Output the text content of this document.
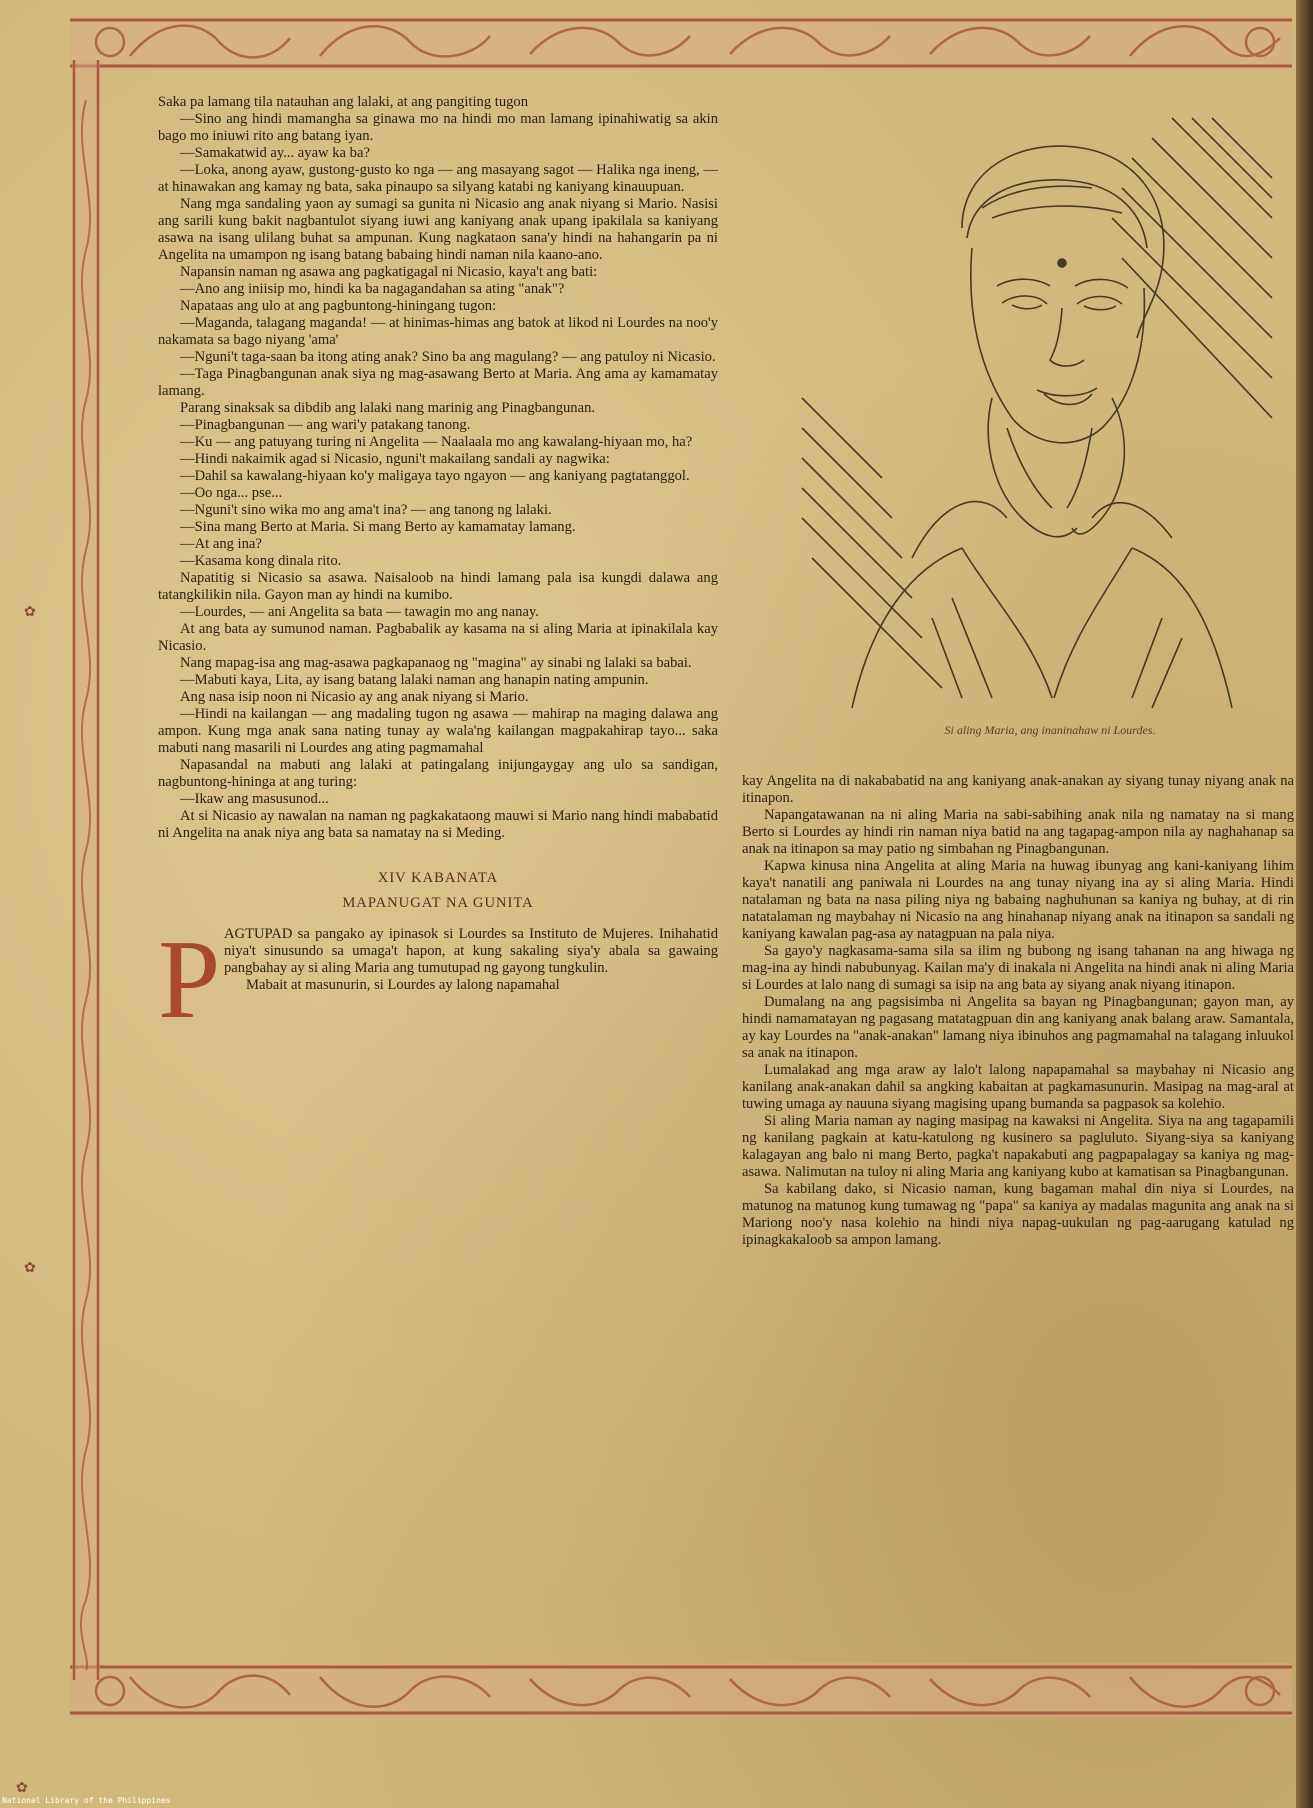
✿
✿
✿

Saka pa lamang tila natauhan ang lalaki, at ang pangiting tugon

—Sino ang hindi mamangha sa ginawa mo na hindi mo man lamang ipinahiwatig sa akin bago mo iniuwi rito ang batang iyan.

—Samakatwid ay... ayaw ka ba?

—Loka, anong ayaw, gustong-gusto ko nga — ang masayang sagot — Halika nga ineng, — at hinawakan ang kamay ng bata, saka pinaupo sa silyang katabi ng kaniyang kinauupuan.

Nang mga sandaling yaon ay sumagi sa gunita ni Nicasio ang anak niyang si Mario. Nasisi ang sarili kung bakit nagbantulot siyang iuwi ang kaniyang anak upang ipakilala sa kaniyang asawa na isang ulilang buhat sa ampunan. Kung nagkataon sana'y hindi na hahangarin pa ni Angelita na umampon ng isang batang babaing hindi naman nila kaano-ano.

Napansin naman ng asawa ang pagkatigagal ni Nicasio, kaya't ang bati:

—Ano ang iniisip mo, hindi ka ba nagagandahan sa ating "anak"?

Napataas ang ulo at ang pagbuntong-hiningang tugon:

—Maganda, talagang maganda! — at hinimas-himas ang batok at likod ni Lourdes na noo'y nakamata sa bago niyang 'ama'

—Nguni't taga-saan ba itong ating anak? Sino ba ang magulang? — ang patuloy ni Nicasio.

—Taga Pinagbangunan anak siya ng mag-asawang Berto at Maria. Ang ama ay kamamatay lamang.

Parang sinaksak sa dibdib ang lalaki nang marinig ang Pinagbangunan.

—Pinagbangunan — ang wari'y patakang tanong.

—Ku — ang patuyang turing ni Angelita — Naalaala mo ang kawalang-hiyaan mo, ha?

—Hindi nakaimik agad si Nicasio, nguni't makailang sandali ay nagwika:

—Dahil sa kawalang-hiyaan ko'y maligaya tayo ngayon — ang kaniyang pagtatanggol.

—Oo nga... pse...

—Nguni't sino wika mo ang ama't ina? — ang tanong ng lalaki.

—Sina mang Berto at Maria. Si mang Berto ay kamamatay lamang.

—At ang ina?

—Kasama kong dinala rito.

Napatitig si Nicasio sa asawa. Naisaloob na hindi lamang pala isa kungdi dalawa ang tatangkilikin nila. Gayon man ay hindi na kumibo.

—Lourdes, — ani Angelita sa bata — tawagin mo ang nanay.

At ang bata ay sumunod naman. Pagbabalik ay kasama na si aling Maria at ipinakilala kay Nicasio.

Nang mapag-isa ang mag-asawa pagkapanaog ng "magina" ay sinabi ng lalaki sa babai.

—Mabuti kaya, Lita, ay isang batang lalaki naman ang hanapin nating ampunin.

Ang nasa isip noon ni Nicasio ay ang anak niyang si Mario.

—Hindi na kailangan — ang madaling tugon ng asawa — mahirap na maging dalawa ang ampon. Kung mga anak sana nating tunay ay wala'ng kailangan magpakahirap tayo... saka mabuti nang masarili ni Lourdes ang ating pagmamahal

Napasandal na mabuti ang lalaki at patingalang inijungaygay ang ulo sa sandigan, nagbuntong-hininga at ang turing:

—Ikaw ang masusunod...

At si Nicasio ay nawalan na naman ng pagkakataong mauwi si Mario nang hindi mababatid ni Angelita na anak niya ang bata sa namatay na si Meding.

XIV KABANATA
MAPANUGAT NA GUNITA
P AGTUPAD sa pangako ay ipinasok si Lourdes sa Instituto de Mujeres. Inihahatid niya't sinusundo sa umaga't hapon, at kung sakaling siya'y abala sa gawaing pangbahay ay si aling Maria ang tumutupad ng gayong tungkulin.

Mabait at masunurin, si Lourdes ay lalong napamahal

Si aling Maria, ang inaninahaw ni Lourdes.

kay Angelita na di nakababatid na ang kaniyang anak-anakan ay siyang tunay niyang anak na itinapon.

Napangatawanan na ni aling Maria na sabi-sabihing anak nila ng namatay na si mang Berto si Lourdes ay hindi rin naman niya batid na ang tagapag-ampon nila ay naghahanap sa anak na itinapon sa may patio ng simbahan ng Pinagbangunan.

Kapwa kinusa nina Angelita at aling Maria na huwag ibunyag ang kani-kaniyang lihim kaya't nanatili ang paniwala ni Lourdes na ang tunay niyang ina ay si aling Maria. Hindi natalaman ng bata na nasa piling niya ng babaing naghuhunan sa kaniya ng buhay, at di rin natatalaman ng maybahay ni Nicasio na ang hinahanap niyang anak na itinapon sa sandali ng kaniyang kawalan pag-asa ay natagpuan na pala niya.

Sa gayo'y nagkasama-sama sila sa ilim ng bubong ng isang tahanan na ang hiwaga ng mag-ina ay hindi nabubunyag. Kailan ma'y di inakala ni Angelita na hindi anak ni aling Maria si Lourdes at lalo nang di sumagi sa isip na ang bata ay siyang anak niyang itinapon.

Dumalang na ang pagsisimba ni Angelita sa bayan ng Pinagbangunan; gayon man, ay hindi namamatayan ng pagasang matatagpuan din ang kaniyang anak balang araw. Samantala, ay kay Lourdes na "anak-anakan" lamang niya ibinuhos ang pagmamahal na talagang inluukol sa anak na itinapon.

Lumalakad ang mga araw ay lalo't lalong napapamahal sa maybahay ni Nicasio ang kanilang anak-anakan dahil sa angking kabaitan at pagkamasunurin. Masipag na mag-aral at tuwing umaga ay nauuna siyang magising upang bumanda sa pagpasok sa kolehio.

Si aling Maria naman ay naging masipag na kawaksi ni Angelita. Siya na ang tagapamili ng kanilang pagkain at katu-katulong ng kusinero sa pagluluto. Siyang-siya sa kaniyang kalagayan ang balo ni mang Berto, pagka't napakabuti ang pagpapalagay sa kaniya ng mag-asawa. Nalimutan na tuloy ni aling Maria ang kaniyang kubo at kamatisan sa Pinagbangunan.

Sa kabilang dako, si Nicasio naman, kung bagaman mahal din niya si Lourdes, na matunog na matunog kung tumawag ng "papa" sa kaniya ay madalas magunita ang anak na si Mariong noo'y nasa kolehio na hindi niya napag-uukulan ng pag-aarugang katulad ng ipinagkakaloob sa ampon lamang.

National Library of the Philippines
